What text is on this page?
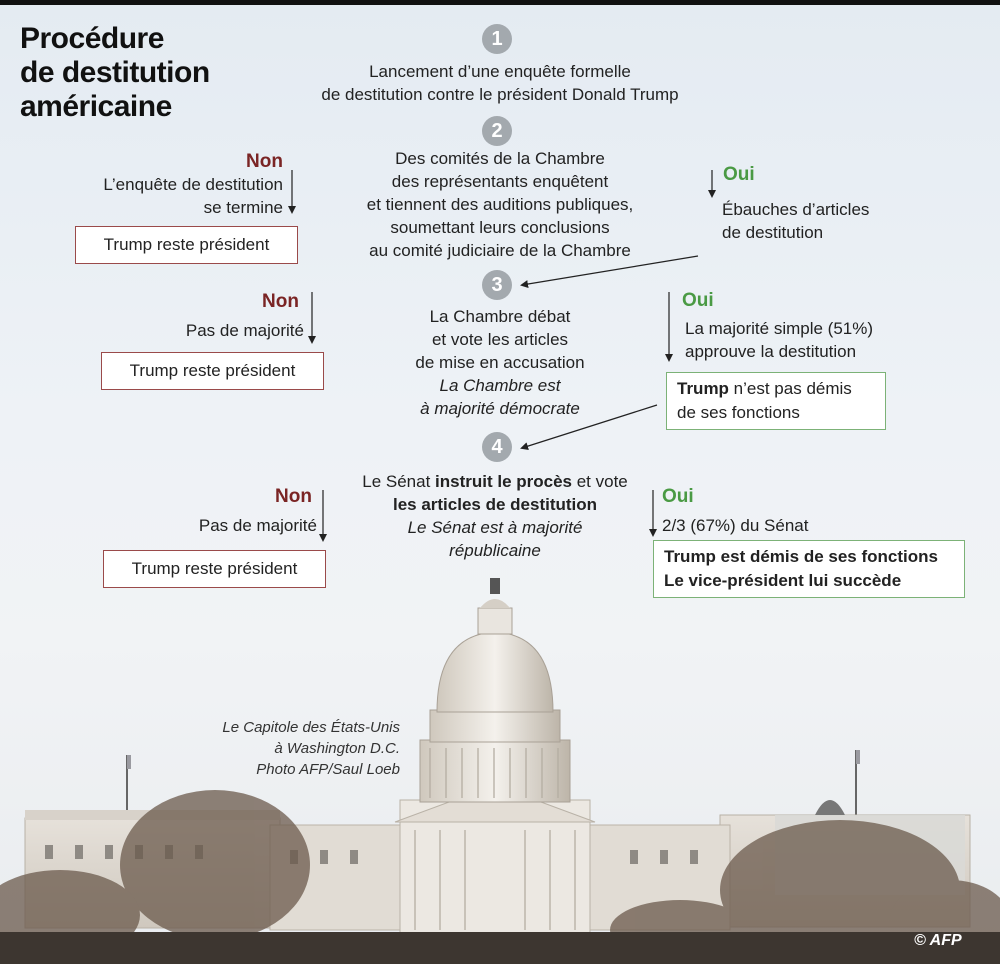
Procédure
de destitution
américaine
1
Lancement d’une enquête formelle
de destitution contre le président Donald Trump
2
Des comités de la Chambre
des représentants enquêtent
et tiennent des auditions publiques,
soumettant leurs conclusions
au comité judiciaire de la Chambre
Non
L’enquête de destitution
se termine
Trump reste président
Oui
Ébauches d’articles
de destitution
3
La Chambre débat
et vote les articles
de mise en accusation
La Chambre est
à majorité démocrate
Non
Pas de majorité
Trump reste président
Oui
La majorité simple (51%)
approuve la destitution
Trump n’est pas démis
de ses fonctions
4
Le Sénat instruit le procès et vote
les articles de destitution
Le Sénat est à majorité
républicaine
Non
Pas de majorité
Trump reste président
Oui
2/3 (67%) du Sénat
Trump est démis de ses fonctions
Le vice-président lui succède
Le Capitole des États-Unis
à Washington D.C.
Photo AFP/Saul Loeb
© AFP
